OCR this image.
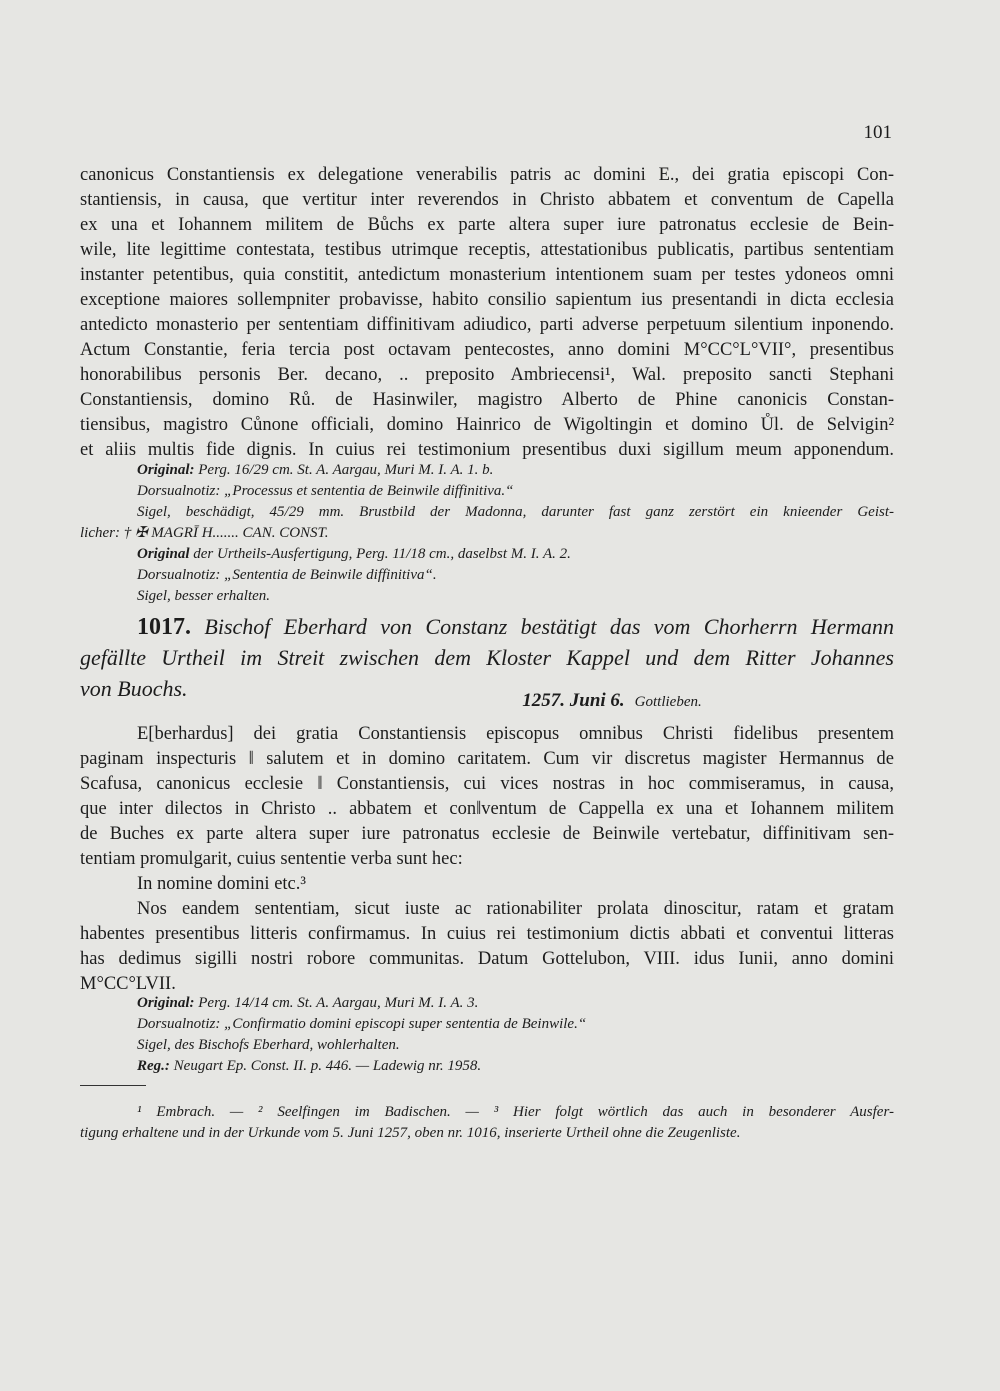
101
canonicus Constantiensis ex delegatione venerabilis patris ac domini E., dei gratia episcopi Con-
stantiensis, in causa, que vertitur inter reverendos in Christo abbatem et conventum de Capella
ex una et Iohannem militem de Bůchs ex parte altera super iure patronatus ecclesie de Bein-
wile, lite legittime contestata, testibus utrimque receptis, attestationibus publicatis, partibus sententiam
instanter petentibus, quia constitit, antedictum monasterium intentionem suam per testes ydoneos omni
exceptione maiores sollempniter probavisse, habito consilio sapientum ius presentandi in dicta ecclesia
antedicto monasterio per sententiam diffinitivam adiudico, parti adverse perpetuum silentium inponendo.
Actum Constantie, feria tercia post octavam pentecostes, anno domini M°CC°L°VII°, presentibus
honorabilibus personis Ber. decano, .. preposito Ambriecensi¹, Wal. preposito sancti Stephani
Constantiensis, domino Rů. de Hasinwiler, magistro Alberto de Phine canonicis Constan-
tiensibus, magistro Cůnone officiali, domino Hainrico de Wigoltingin et domino Ůl. de Selvigin²
et aliis multis fide dignis. In cuius rei testimonium presentibus duxi sigillum meum apponendum.
Original: Perg. 16/29 cm. St. A. Aargau, Muri M. I. A. 1. b.
Dorsualnotiz: „Processus et sententia de Beinwile diffinitiva.“
Sigel, beschädigt, 45/29 mm. Brustbild der Madonna, darunter fast ganz zerstört ein knieender Geist-
licher: † ✠ MAGRĪ H....... CAN. CONST.
Original der Urtheils-Ausfertigung, Perg. 11/18 cm., daselbst M. I. A. 2.
Dorsualnotiz: „Sententia de Beinwile diffinitiva“.
Sigel, besser erhalten.
1017. Bischof Eberhard von Constanz bestätigt das vom Chorherrn Hermann
gefällte Urtheil im Streit zwischen dem Kloster Kappel und dem Ritter Johannes
von Buochs.	1257. Juni 6. Gottlieben.
E[berhardus] dei gratia Constantiensis episcopus omnibus Christi fidelibus presentem
paginam inspecturis ‖ salutem et in domino caritatem. Cum vir discretus magister Hermannus de
Scafusa, canonicus ecclesie ‖ Constantiensis, cui vices nostras in hoc commiseramus, in causa,
que inter dilectos in Christo .. abbatem et con‖ventum de Cappella ex una et Iohannem militem
de Buches ex parte altera super iure patronatus ecclesie de Beinwile vertebatur, diffinitivam sen-
tentiam promulgarit, cuius sententie verba sunt hec:
In nomine domini etc.³
Nos eandem sententiam, sicut iuste ac rationabiliter prolata dinoscitur, ratam et gratam
habentes presentibus litteris confirmamus. In cuius rei testimonium dictis abbati et conventui litteras
has dedimus sigilli nostri robore communitas. Datum Gottelubon, VIII. idus Iunii, anno domini
M°CC°LVII.
Original: Perg. 14/14 cm. St. A. Aargau, Muri M. I. A. 3.
Dorsualnotiz: „Confirmatio domini episcopi super sententia de Beinwile.“
Sigel, des Bischofs Eberhard, wohlerhalten.
Reg.: Neugart Ep. Const. II. p. 446. — Ladewig nr. 1958.
¹ Embrach. — ² Seelfingen im Badischen. — ³ Hier folgt wörtlich das auch in besonderer Ausfer-
tigung erhaltene und in der Urkunde vom 5. Juni 1257, oben nr. 1016, inserierte Urtheil ohne die Zeugenliste.
